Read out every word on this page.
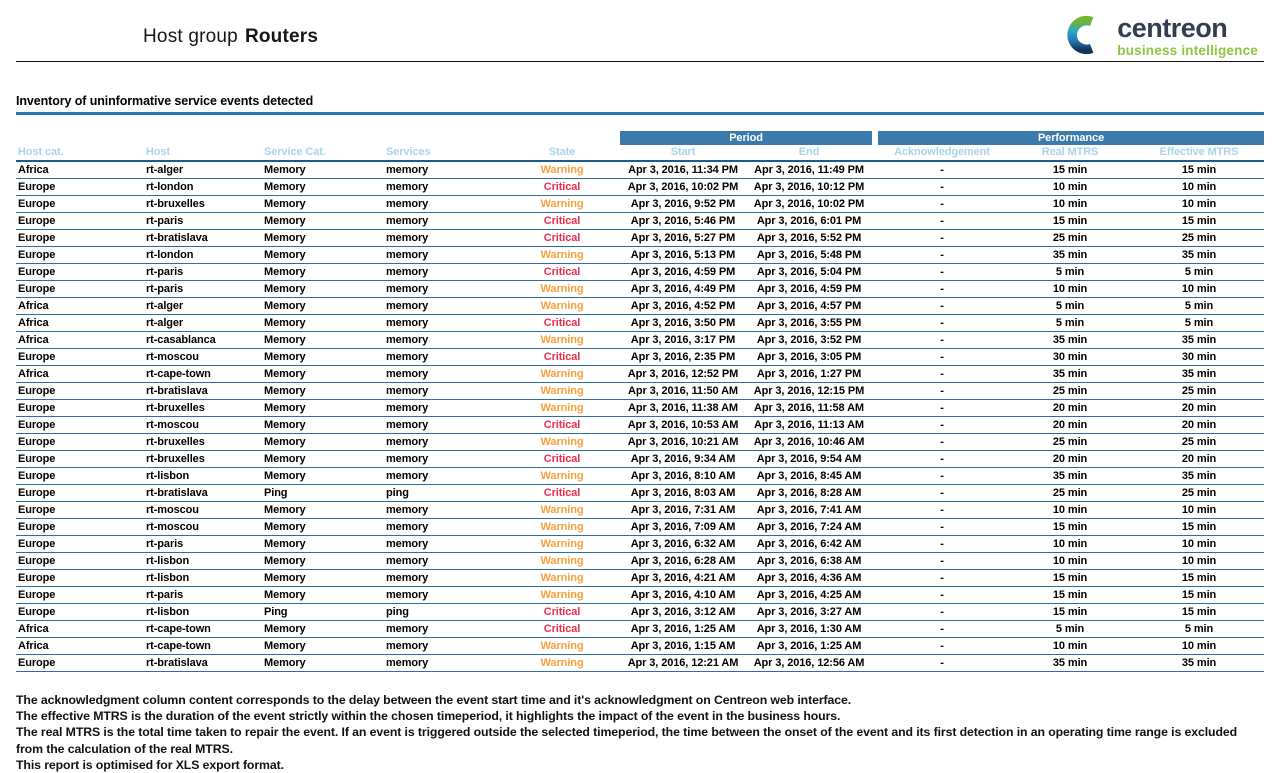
Host group Routers	centreon
business intelligence
Inventory of uninformative service events detected
					Period			Performance		
Host cat.	Host	Service Cat.	Services	State	Start	End		Acknowledgement	Real MTRS	Effective MTRS
Africa	rt-alger	Memory	memory	Warning	Apr 3, 2016, 11:34 PM	Apr 3, 2016, 11:49 PM		-	15 min	15 min
Europe	rt-london	Memory	memory	Critical	Apr 3, 2016, 10:02 PM	Apr 3, 2016, 10:12 PM		-	10 min	10 min
Europe	rt-bruxelles	Memory	memory	Warning	Apr 3, 2016, 9:52 PM	Apr 3, 2016, 10:02 PM		-	10 min	10 min
Europe	rt-paris	Memory	memory	Critical	Apr 3, 2016, 5:46 PM	Apr 3, 2016, 6:01 PM		-	15 min	15 min
Europe	rt-bratislava	Memory	memory	Critical	Apr 3, 2016, 5:27 PM	Apr 3, 2016, 5:52 PM		-	25 min	25 min
Europe	rt-london	Memory	memory	Warning	Apr 3, 2016, 5:13 PM	Apr 3, 2016, 5:48 PM		-	35 min	35 min
Europe	rt-paris	Memory	memory	Critical	Apr 3, 2016, 4:59 PM	Apr 3, 2016, 5:04 PM		-	5 min	5 min
Europe	rt-paris	Memory	memory	Warning	Apr 3, 2016, 4:49 PM	Apr 3, 2016, 4:59 PM		-	10 min	10 min
Africa	rt-alger	Memory	memory	Warning	Apr 3, 2016, 4:52 PM	Apr 3, 2016, 4:57 PM		-	5 min	5 min
Africa	rt-alger	Memory	memory	Critical	Apr 3, 2016, 3:50 PM	Apr 3, 2016, 3:55 PM		-	5 min	5 min
Africa	rt-casablanca	Memory	memory	Warning	Apr 3, 2016, 3:17 PM	Apr 3, 2016, 3:52 PM		-	35 min	35 min
Europe	rt-moscou	Memory	memory	Critical	Apr 3, 2016, 2:35 PM	Apr 3, 2016, 3:05 PM		-	30 min	30 min
Africa	rt-cape-town	Memory	memory	Warning	Apr 3, 2016, 12:52 PM	Apr 3, 2016, 1:27 PM		-	35 min	35 min
Europe	rt-bratislava	Memory	memory	Warning	Apr 3, 2016, 11:50 AM	Apr 3, 2016, 12:15 PM		-	25 min	25 min
Europe	rt-bruxelles	Memory	memory	Warning	Apr 3, 2016, 11:38 AM	Apr 3, 2016, 11:58 AM		-	20 min	20 min
Europe	rt-moscou	Memory	memory	Critical	Apr 3, 2016, 10:53 AM	Apr 3, 2016, 11:13 AM		-	20 min	20 min
Europe	rt-bruxelles	Memory	memory	Warning	Apr 3, 2016, 10:21 AM	Apr 3, 2016, 10:46 AM		-	25 min	25 min
Europe	rt-bruxelles	Memory	memory	Critical	Apr 3, 2016, 9:34 AM	Apr 3, 2016, 9:54 AM		-	20 min	20 min
Europe	rt-lisbon	Memory	memory	Warning	Apr 3, 2016, 8:10 AM	Apr 3, 2016, 8:45 AM		-	35 min	35 min
Europe	rt-bratislava	Ping	ping	Critical	Apr 3, 2016, 8:03 AM	Apr 3, 2016, 8:28 AM		-	25 min	25 min
Europe	rt-moscou	Memory	memory	Warning	Apr 3, 2016, 7:31 AM	Apr 3, 2016, 7:41 AM		-	10 min	10 min
Europe	rt-moscou	Memory	memory	Warning	Apr 3, 2016, 7:09 AM	Apr 3, 2016, 7:24 AM		-	15 min	15 min
Europe	rt-paris	Memory	memory	Warning	Apr 3, 2016, 6:32 AM	Apr 3, 2016, 6:42 AM		-	10 min	10 min
Europe	rt-lisbon	Memory	memory	Warning	Apr 3, 2016, 6:28 AM	Apr 3, 2016, 6:38 AM		-	10 min	10 min
Europe	rt-lisbon	Memory	memory	Warning	Apr 3, 2016, 4:21 AM	Apr 3, 2016, 4:36 AM		-	15 min	15 min
Europe	rt-paris	Memory	memory	Warning	Apr 3, 2016, 4:10 AM	Apr 3, 2016, 4:25 AM		-	15 min	15 min
Europe	rt-lisbon	Ping	ping	Critical	Apr 3, 2016, 3:12 AM	Apr 3, 2016, 3:27 AM		-	15 min	15 min
Africa	rt-cape-town	Memory	memory	Critical	Apr 3, 2016, 1:25 AM	Apr 3, 2016, 1:30 AM		-	5 min	5 min
Africa	rt-cape-town	Memory	memory	Warning	Apr 3, 2016, 1:15 AM	Apr 3, 2016, 1:25 AM		-	10 min	10 min
Europe	rt-bratislava	Memory	memory	Warning	Apr 3, 2016, 12:21 AM	Apr 3, 2016, 12:56 AM		-	35 min	35 min

The acknowledgment column content corresponds to the delay between the event start time and it's acknowledgment on Centreon web interface.

The effective MTRS is the duration of the event strictly within the chosen timeperiod, it highlights the impact of the event in the business hours.

The real MTRS is the total time taken to repair the event. If an event is triggered outside the selected timeperiod, the time between the onset of the event and its first detection in an operating time range is excluded from the calculation of the real MTRS.

This report is optimised for XLS export format.
